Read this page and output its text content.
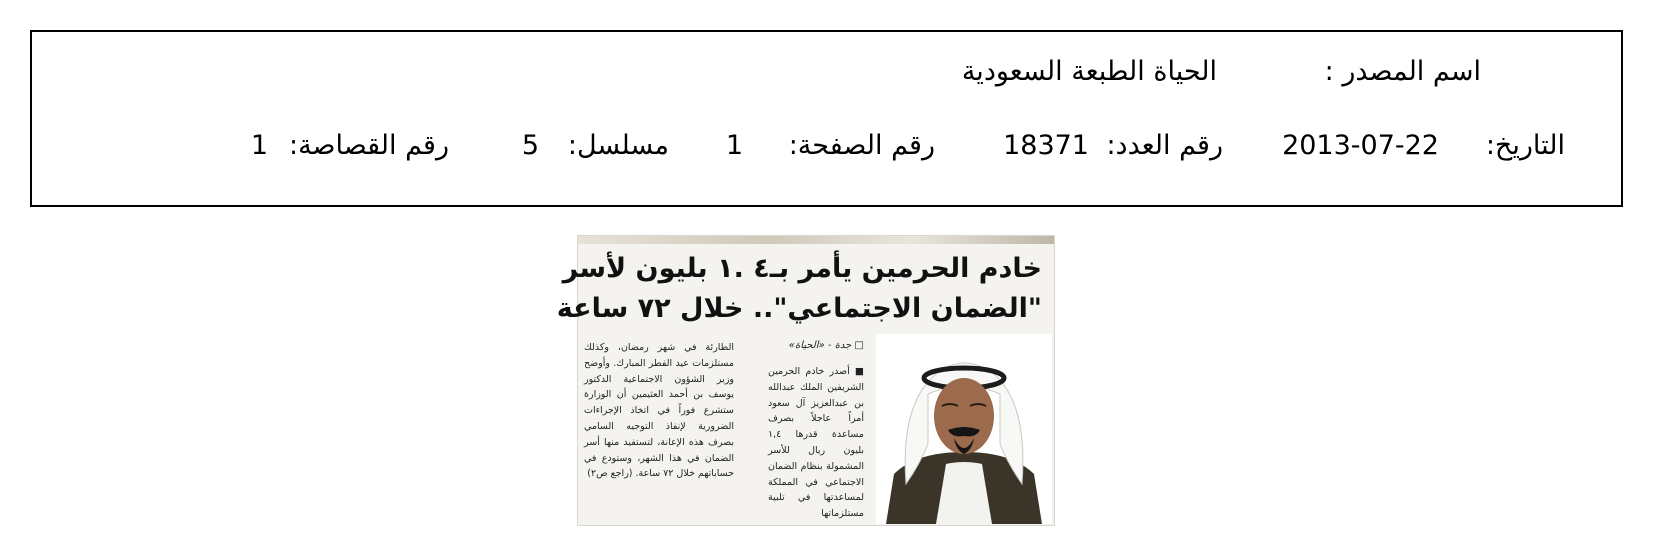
اسم المصدر :
الحياة الطبعة السعودية
التاريخ:
2013-07-22
رقم العدد:
18371
رقم الصفحة:
1
مسلسل:
5
رقم القصاصة:
1
خادم الحرمين يأمر بـ٤ .١ بليون لأسر
"الضمان الاجتماعي".. خلال ٧٢ ساعة
□ جدة - «الحياة»
■ أصدر خادم الحرمين الشريفين الملك عبدالله بن عبدالعزيز آل سعود أمراً عاجلاً بصرف مساعدة قدرها ١,٤ بليون ريال للأسر المشمولة بنظام الضمان الاجتماعي في المملكة لمساعدتها في تلبية مستلزماتها
الطارئة في شهر رمضان، وكذلك مستلزمات عيد الفطر المبارك. وأوضح وزير الشؤون الاجتماعية الدكتور يوسف بن أحمد العثيمين أن الوزارة ستشرع فوراً في اتخاذ الإجراءات الضرورية لإنفاذ التوجيه السامي بصرف هذه الإعانة، لتستفيد منها أسر الضمان في هذا الشهر، وستودع في حساباتهم خلال ٧٢ ساعة. (راجع ص٢)
